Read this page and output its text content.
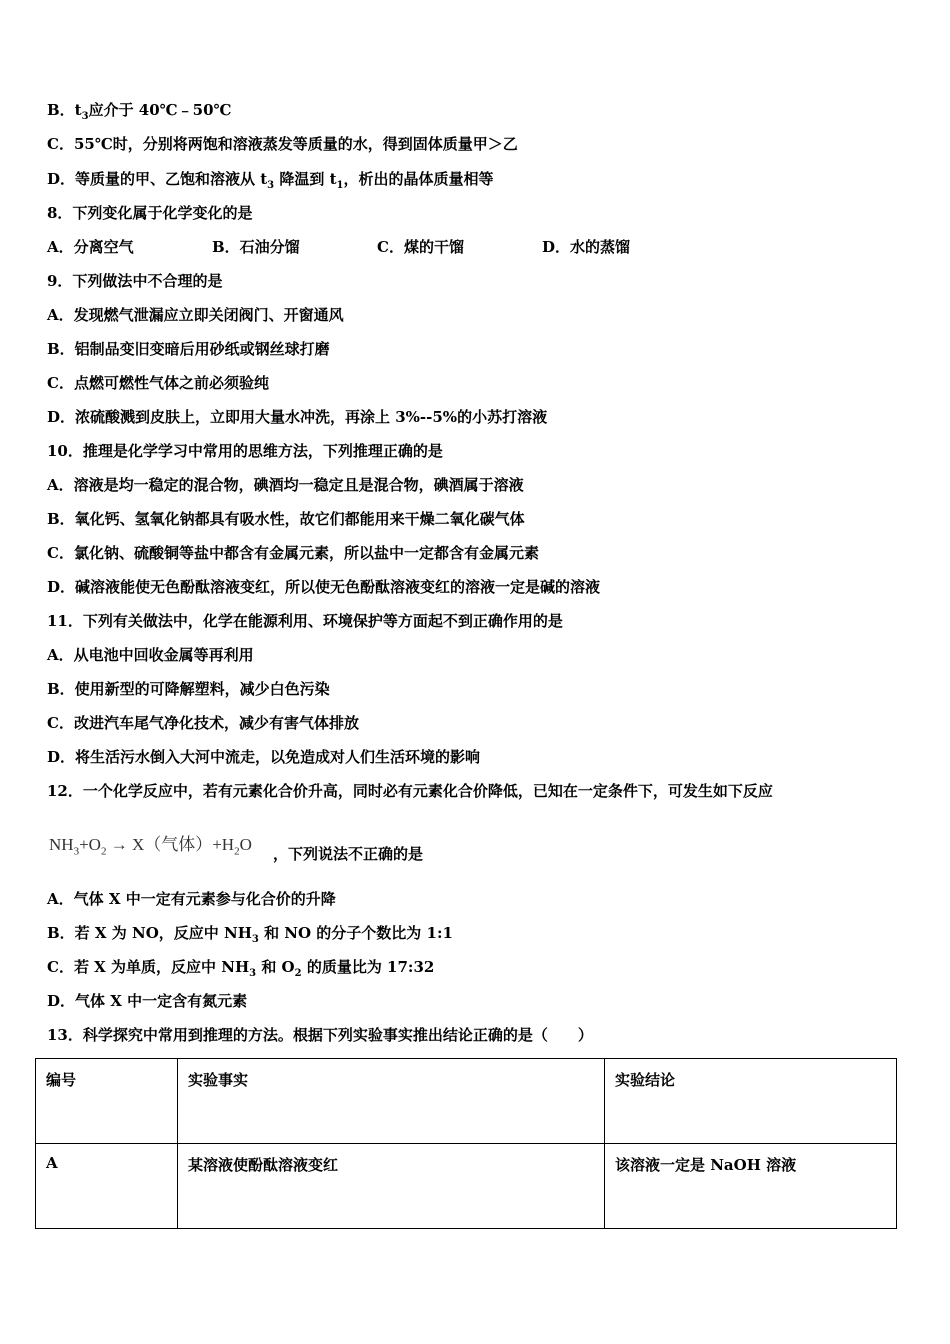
B．$t_3$应介于 40℃﹣50℃
C．55℃时，分别将两饱和溶液蒸发等质量的水，得到固体质量甲＞乙
D．等质量的甲、乙饱和溶液从 $t_3$ 降温到 $t_1$，析出的晶体质量相等
8．下列变化属于化学变化的是
A．分离空气	B．石油分馏	C．煤的干馏	D．水的蒸馏
9．下列做法中不合理的是
A．发现燃气泄漏应立即关闭阀门、开窗通风
B．铝制品变旧变暗后用砂纸或钢丝球打磨
C．点燃可燃性气体之前必须验纯
D．浓硫酸溅到皮肤上，立即用大量水冲洗，再涂上 3%--5%的小苏打溶液
10．推理是化学学习中常用的思维方法，下列推理正确的是
A．溶液是均一稳定的混合物，碘酒均一稳定且是混合物，碘酒属于溶液
B．氧化钙、氢氧化钠都具有吸水性，故它们都能用来干燥二氧化碳气体
C．氯化钠、硫酸铜等盐中都含有金属元素，所以盐中一定都含有金属元素
D．碱溶液能使无色酚酞溶液变红，所以使无色酚酞溶液变红的溶液一定是碱的溶液
11．下列有关做法中，化学在能源利用、环境保护等方面起不到正确作用的是
A．从电池中回收金属等再利用
B．使用新型的可降解塑料，减少白色污染
C．改进汽车尾气净化技术，减少有害气体排放
D．将生活污水倒入大河中流走，以免造成对人们生活环境的影响
12．一个化学反应中，若有元素化合价升高，同时必有元素化合价降低，已知在一定条件下，可发生如下反应
$NH_3+O_2 \to X$（气体）$+H_2O$ ，下列说法不正确的是
A．气体 X 中一定有元素参与化合价的升降
B．若 X 为 NO，反应中 $NH_3$ 和 NO 的分子个数比为 1:1
C．若 X 为单质，反应中 $NH_3$ 和 $O_2$ 的质量比为 17:32
D．气体 X 中一定含有氮元素
13．科学探究中常用到推理的方法。根据下列实验事实推出结论正确的是（　　）
编号	实验事实	实验结论
A	某溶液使酚酞溶液变红	该溶液一定是 NaOH 溶液
